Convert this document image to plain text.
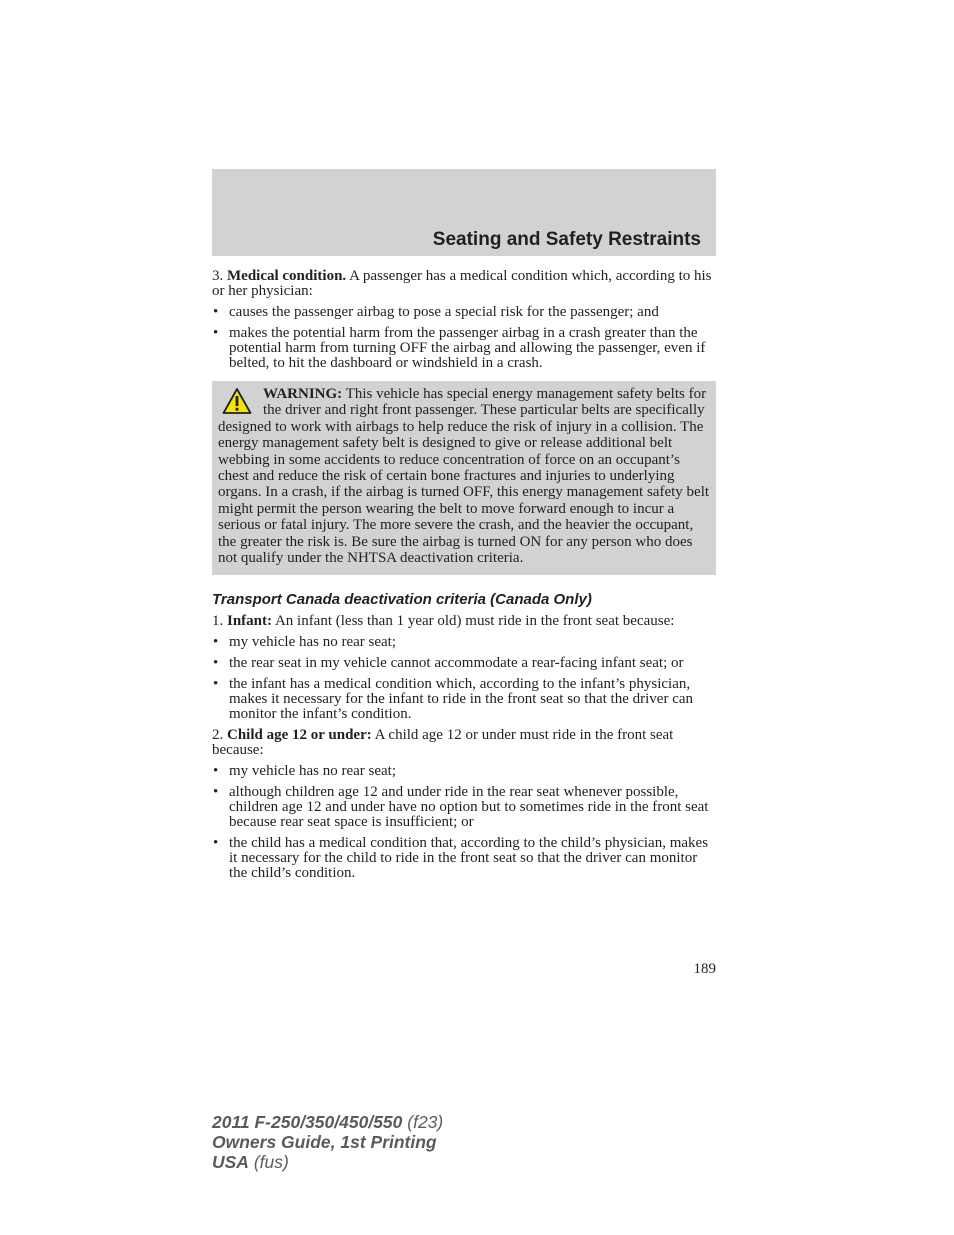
Seating and Safety Restraints

3. Medical condition. A passenger has a medical condition which, according to his or her physician:

• causes the passenger airbag to pose a special risk for the passenger; and
• makes the potential harm from the passenger airbag in a crash greater than the potential harm from turning OFF the airbag and allowing the passenger, even if belted, to hit the dashboard or windshield in a crash.
WARNING: This vehicle has special energy management safety belts for the driver and right front passenger. These particular belts are specifically designed to work with airbags to help reduce the risk of injury in a collision. The energy management safety belt is designed to give or release additional belt webbing in some accidents to reduce concentration of force on an occupant’s chest and reduce the risk of certain bone fractures and injuries to underlying organs. In a crash, if the airbag is turned OFF, this energy management safety belt might permit the person wearing the belt to move forward enough to incur a serious or fatal injury. The more severe the crash, and the heavier the occupant, the greater the risk is. Be sure the airbag is turned ON for any person who does not qualify under the NHTSA deactivation criteria.
Transport Canada deactivation criteria (Canada Only)

1. Infant: An infant (less than 1 year old) must ride in the front seat because:

• my vehicle has no rear seat;
• the rear seat in my vehicle cannot accommodate a rear-facing infant seat; or
• the infant has a medical condition which, according to the infant’s physician, makes it necessary for the infant to ride in the front seat so that the driver can monitor the infant’s condition.

2. Child age 12 or under: A child age 12 or under must ride in the front seat because:

• my vehicle has no rear seat;
• although children age 12 and under ride in the rear seat whenever possible, children age 12 and under have no option but to sometimes ride in the front seat because rear seat space is insufficient; or
• the child has a medical condition that, according to the child’s physician, makes it necessary for the child to ride in the front seat so that the driver can monitor the child’s condition.
189
2011 F-250/350/450/550 (f23)
Owners Guide, 1st Printing
USA (fus)
